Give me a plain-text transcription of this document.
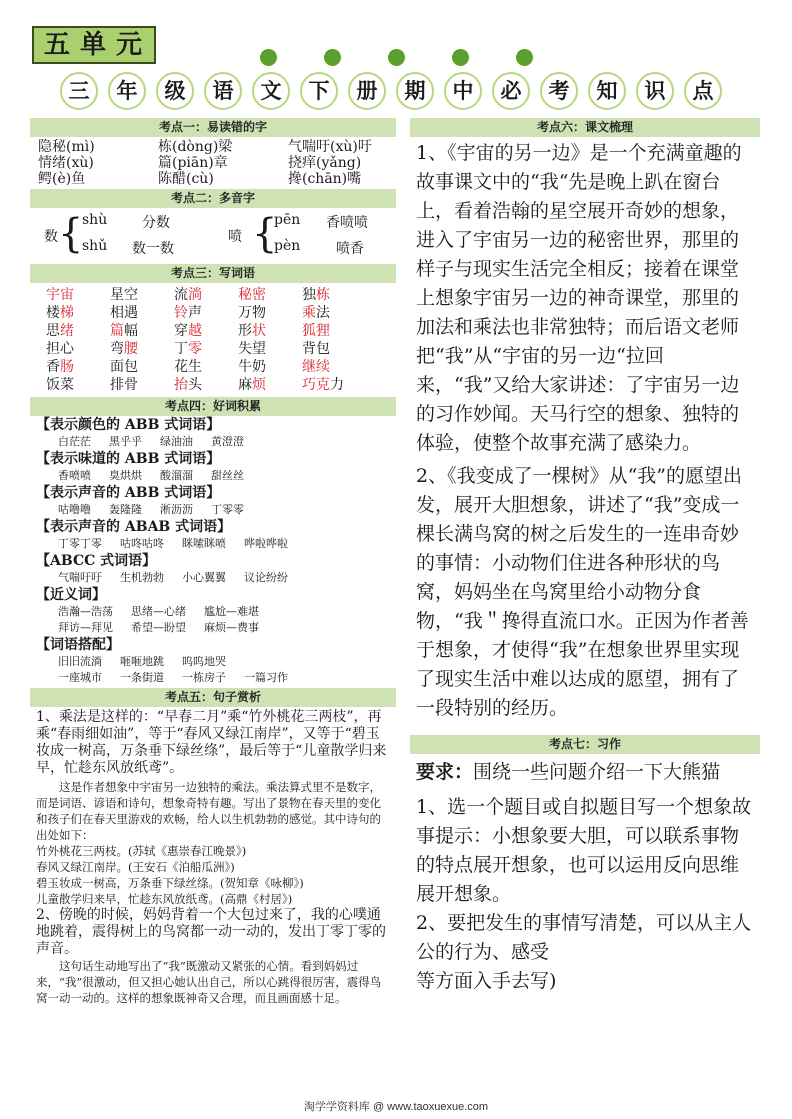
五单元
三	年	级	语	文	下	册	期	中	必	考	知	识	点
考点一：易读错的字
隐秘(mì)	栋(dòng)梁	气喘吁(xù)吁
情绪(xù)	篇(piān)章	挠痒(yǎng)
鳄(è)鱼	陈醋(cù)	搀(chān)嘴
考点二：多音字
数 {
shù 分数
shǔ 数一数
喷 {
pēn 香喷喷
pèn	喷香
考点三：写词语
宇宙	星空	流淌	秘密	独栋
楼梯	相遇	铃声	万物	乘法
思绪	篇幅	穿越	形状	狐狸
担心	弯腰	丁零	失望	背包
香肠	面包	花生	牛奶	继续
饭菜	排骨	抬头	麻烦	巧克力
考点四：好词积累
【表示颜色的 ABB 式词语】
白茫茫 黑乎乎 绿油油 黄澄澄
【表示味道的 ABB 式词语】
香喷喷 臭烘烘 酸溜溜 甜丝丝
【表示声音的 ABB 式词语】
咕噜噜 轰隆隆 淅沥沥 丁零零
【表示声音的 ABAB 式词语】
丁零丁零 咕咚咕咚 眯嗦眯喷 哗啦哗啦
【ABCC 式词语】
气喘吁吁 生机勃勃 小心翼翼 议论纷纷
【近义词】
浩瀚—浩荡 思绪—心绪 尴尬—难堪
拜访—拜见 希望—盼望 麻烦—费事
【词语搭配】
旧旧流淌 咂咂地跳 呜呜地哭
一座城市 一条街道 一栋房子 一篇习作
考点五：句子赏析
1、乘法是这样的：“早春二月”乘“竹外桃花三两枝”，再乘“春雨细如油”，等于“春风又绿江南岸”，又等于“碧玉妆成一树高，万条垂下绿丝绦”，最后等于“儿童散学归来早，忙趁东风放纸鸢”。
这是作者想象中宇宙另一边独特的乘法。乘法算式里不是数字，而是词语、谚语和诗句，想象奇特有趣。写出了景物在春天里的变化和孩子们在春天里游戏的欢畅，给人以生机勃勃的感觉。其中诗句的出处如下：
竹外桃花三两枝。(苏轼《惠崇春江晚景》)
春风又绿江南岸。(王安石《泊船瓜洲》)
碧玉妆成一树高，万条垂下绿丝绦。(贺知章《咏柳》)
儿童散学归来早，忙趁东风放纸鸢。(高鼎《村居》)
2、傍晚的时候，妈妈背着一个大包过来了，我的心噗通地跳着，震得树上的鸟窝都一动一动的，发出丁零丁零的声音。
这句话生动地写出了“我”既激动又紧张的心情。看到妈妈过来，“我”很激动，但又担心她认出自己，所以心跳得很厉害，震得鸟窝一动一动的。这样的想象既神奇又合理，而且画面感十足。
考点六：课文梳理
1、《宇宙的另一边》是一个充满童趣的故事课文中的“我“先是晚上趴在窗台上，看着浩翰的星空展开奇妙的想象，进入了宇宙另一边的秘密世界，那里的样子与现实生活完全相反；接着在课堂上想象宇宙另一边的神奇课堂，那里的加法和乘法也非常独特；而后语文老师把“我”从“宇宙的另一边“拉回来，“我”又给大家讲述：了宇宙另一边的习作妙闻。天马行空的想象、独特的体验，使整个故事充满了感染力。
2、《我变成了一棵树》从“我”的愿望出发，展开大胆想象，讲述了“我”变成一棵长满鸟窝的树之后发生的一连串奇妙的事情：小动物们住进各种形状的鸟窝，妈妈坐在鸟窝里给小动物分食物，“我＂搀得直流口水。正因为作者善于想象，才使得“我”在想象世界里实现了现实生活中难以达成的愿望，拥有了一段特别的经历。
考点七：习作
要求：围绕一些问题介绍一下大熊猫
1、选一个题目或自拟题目写一个想象故事提示：小想象要大胆，可以联系事物的特点展开想象，也可以运用反向思维展开想象。
2、要把发生的事情写清楚，可以从主人公的行为、感受
等方面入手去写)
淘学学资料库 @ www.taoxuexue.com
